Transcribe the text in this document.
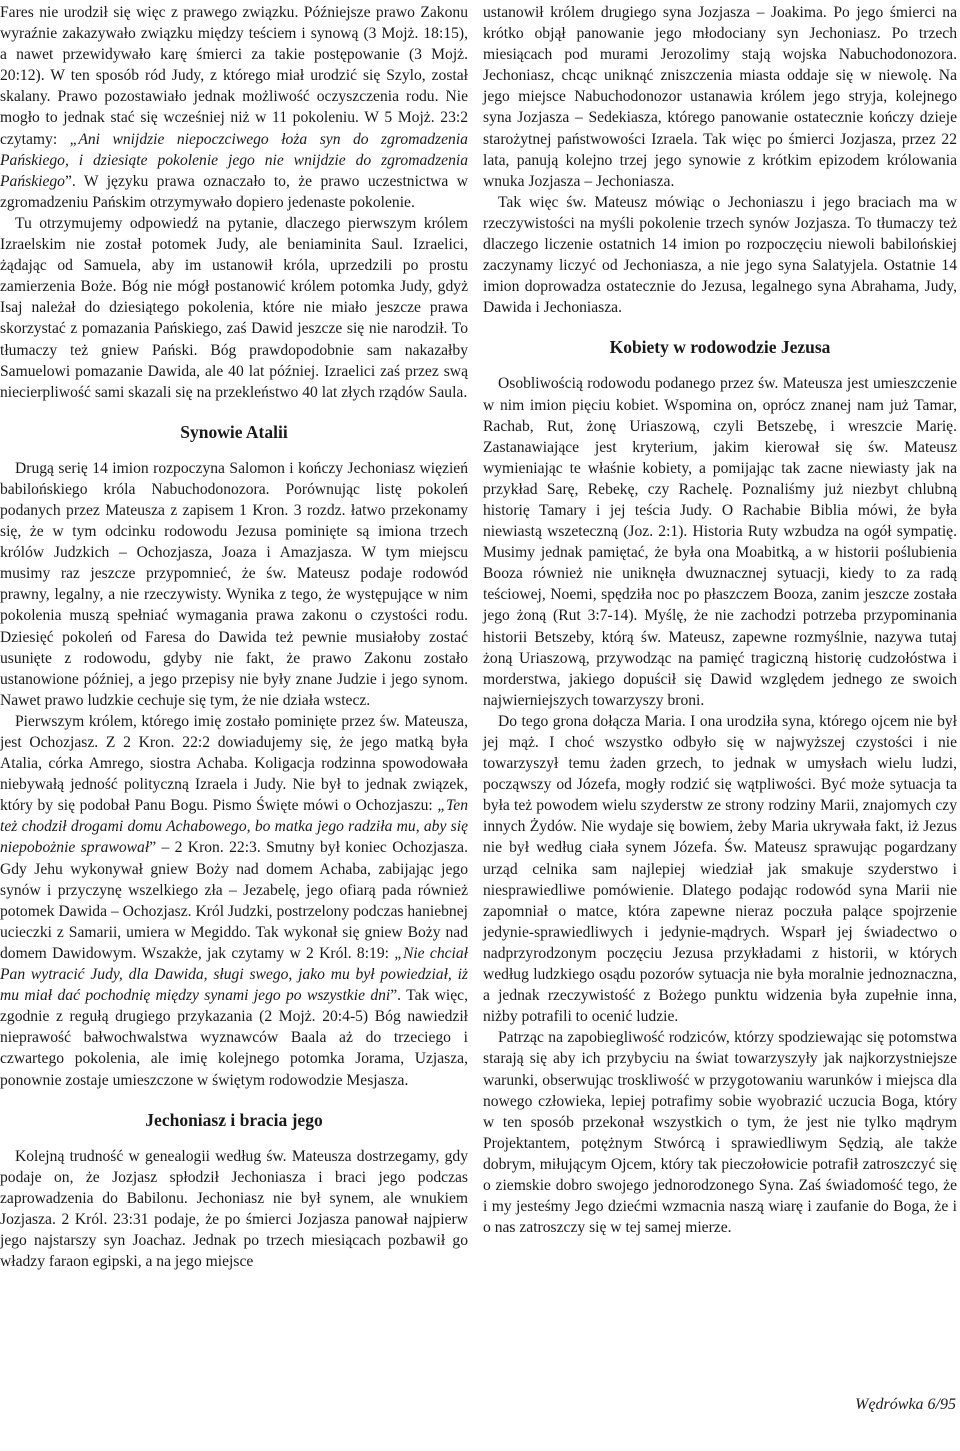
Fares nie urodził się więc z prawego związku. Późniejsze prawo Zakonu wyraźnie zakazywało związku między teściem i synową (3 Mojż. 18:15), a nawet przewidywało karę śmierci za takie postępowanie (3 Mojż. 20:12). W ten sposób ród Judy, z którego miał urodzić się Szylo, został skalany. Prawo pozostawiało jednak możliwość oczyszczenia rodu. Nie mogło to jednak stać się wcześniej niż w 11 pokoleniu. W 5 Mojż. 23:2 czytamy: „Ani wnijdzie niepoczciwego łoża syn do zgromadzenia Pańskiego, i dziesiąte pokolenie jego nie wnijdzie do zgromadzenia Pańskiego”. W języku prawa oznaczało to, że prawo uczestnictwa w zgromadzeniu Pańskim otrzymywało dopiero jedenaste pokolenie.

Tu otrzymujemy odpowiedź na pytanie, dlaczego pierwszym królem Izraelskim nie został potomek Judy, ale beniaminita Saul. Izraelici, żądając od Samuela, aby im ustanowił króla, uprzedzili po prostu zamierzenia Boże. Bóg nie mógł postanowić królem potomka Judy, gdyż Isaj należał do dziesiątego pokolenia, które nie miało jeszcze prawa skorzystać z pomazania Pańskiego, zaś Dawid jeszcze się nie narodził. To tłumaczy też gniew Pański. Bóg prawdopodobnie sam nakazałby Samuelowi pomazanie Dawida, ale 40 lat później. Izraelici zaś przez swą niecierpliwość sami skazali się na przekleństwo 40 lat złych rządów Saula.

Synowie Atalii

Drugą serię 14 imion rozpoczyna Salomon i kończy Jechoniasz więzień babilońskiego króla Nabuchodonozora. Porównując listę pokoleń podanych przez Mateusza z zapisem 1 Kron. 3 rozdz. łatwo przekonamy się, że w tym odcinku rodowodu Jezusa pominięte są imiona trzech królów Judzkich – Ochozjasza, Joaza i Amazjasza. W tym miejscu musimy raz jeszcze przypomnieć, że św. Mateusz podaje rodowód prawny, legalny, a nie rzeczywisty. Wynika z tego, że występujące w nim pokolenia muszą spełniać wymagania prawa zakonu o czystości rodu. Dziesięć pokoleń od Faresa do Dawida też pewnie musiałoby zostać usunięte z rodowodu, gdyby nie fakt, że prawo Zakonu zostało ustanowione później, a jego przepisy nie były znane Judzie i jego synom. Nawet prawo ludzkie cechuje się tym, że nie działa wstecz.

Pierwszym królem, którego imię zostało pominięte przez św. Mateusza, jest Ochozjasz. Z 2 Kron. 22:2 dowiadujemy się, że jego matką była Atalia, córka Amrego, siostra Achaba. Koligacja rodzinna spowodowała niebywałą jedność polityczną Izraela i Judy. Nie był to jednak związek, który by się podobał Panu Bogu. Pismo Święte mówi o Ochozjaszu: „Ten też chodził drogami domu Achabowego, bo matka jego radziła mu, aby się niepobożnie sprawował” – 2 Kron. 22:3. Smutny był koniec Ochozjasza. Gdy Jehu wykonywał gniew Boży nad domem Achaba, zabijając jego synów i przyczynę wszelkiego zła – Jezabelę, jego ofiarą pada również potomek Dawida – Ochozjasz. Król Judzki, postrzelony podczas haniebnej ucieczki z Samarii, umiera w Megiddo. Tak wykonał się gniew Boży nad domem Dawidowym. Wszakże, jak czytamy w 2 Król. 8:19: „Nie chciał Pan wytracić Judy, dla Dawida, sługi swego, jako mu był powiedział, iż mu miał dać pochodnię między synami jego po wszystkie dni”. Tak więc, zgodnie z regułą drugiego przykazania (2 Mojż. 20:4-5) Bóg nawiedził nieprawość bałwochwalstwa wyznawców Baala aż do trzeciego i czwartego pokolenia, ale imię kolejnego potomka Jorama, Uzjasza, ponownie zostaje umieszczone w świętym rodowodzie Mesjasza.

Jechoniasz i bracia jego

Kolejną trudność w genealogii według św. Mateusza dostrzegamy, gdy podaje on, że Jozjasz spłodził Jechoniasza i braci jego podczas zaprowadzenia do Babilonu. Jechoniasz nie był synem, ale wnukiem Jozjasza. 2 Król. 23:31 podaje, że po śmierci Jozjasza panował najpierw jego najstarszy syn Joachaz. Jednak po trzech miesiącach pozbawił go władzy faraon egipski, a na jego miejsce

ustanowił królem drugiego syna Jozjasza – Joakima. Po jego śmierci na krótko objął panowanie jego młodociany syn Jechoniasz. Po trzech miesiącach pod murami Jerozolimy stają wojska Nabuchodonozora. Jechoniasz, chcąc uniknąć zniszczenia miasta oddaje się w niewolę. Na jego miejsce Nabuchodonozor ustanawia królem jego stryja, kolejnego syna Jozjasza – Sedekiasza, którego panowanie ostatecznie kończy dzieje starożytnej państwowości Izraela. Tak więc po śmierci Jozjasza, przez 22 lata, panują kolejno trzej jego synowie z krótkim epizodem królowania wnuka Jozjasza – Jechoniasza.

Tak więc św. Mateusz mówiąc o Jechoniaszu i jego braciach ma w rzeczywistości na myśli pokolenie trzech synów Jozjasza. To tłumaczy też dlaczego liczenie ostatnich 14 imion po rozpoczęciu niewoli babilońskiej zaczynamy liczyć od Jechoniasza, a nie jego syna Salatyjela. Ostatnie 14 imion doprowadza ostatecznie do Jezusa, legalnego syna Abrahama, Judy, Dawida i Jechoniasza.

Kobiety w rodowodzie Jezusa

Osobliwością rodowodu podanego przez św. Mateusza jest umieszczenie w nim imion pięciu kobiet. Wspomina on, oprócz znanej nam już Tamar, Rachab, Rut, żonę Uriaszową, czyli Betszebę, i wreszcie Marię. Zastanawiające jest kryterium, jakim kierował się św. Mateusz wymieniając te właśnie kobiety, a pomijając tak zacne niewiasty jak na przykład Sarę, Rebekę, czy Rachelę. Poznaliśmy już niezbyt chlubną historię Tamary i jej teścia Judy. O Rachabie Biblia mówi, że była niewiastą wszeteczną (Joz. 2:1). Historia Ruty wzbudza na ogół sympatię. Musimy jednak pamiętać, że była ona Moabitką, a w historii poślubienia Booza również nie uniknęła dwuznacznej sytuacji, kiedy to za radą teściowej, Noemi, spędziła noc po płaszczem Booza, zanim jeszcze została jego żoną (Rut 3:7-14). Myślę, że nie zachodzi potrzeba przypominania historii Betszeby, którą św. Mateusz, zapewne rozmyślnie, nazywa tutaj żoną Uriaszową, przywodząc na pamięć tragiczną historię cudzołóstwa i morderstwa, jakiego dopuścił się Dawid względem jednego ze swoich najwierniejszych towarzyszy broni.

Do tego grona dołącza Maria. I ona urodziła syna, którego ojcem nie był jej mąż. I choć wszystko odbyło się w najwyższej czystości i nie towarzyszył temu żaden grzech, to jednak w umysłach wielu ludzi, począwszy od Józefa, mogły rodzić się wątpliwości. Być może sytuacja ta była też powodem wielu szyderstw ze strony rodziny Marii, znajomych czy innych Żydów. Nie wydaje się bowiem, żeby Maria ukrywała fakt, iż Jezus nie był według ciała synem Józefa. Św. Mateusz sprawując pogardzany urząd celnika sam najlepiej wiedział jak smakuje szyderstwo i niesprawiedliwe pomówienie. Dlatego podając rodowód syna Marii nie zapomniał o matce, która zapewne nieraz poczuła palące spojrzenie jedynie-sprawiedliwych i jedynie-mądrych. Wsparł jej świadectwo o nadprzyrodzonym poczęciu Jezusa przykładami z historii, w których według ludzkiego osądu pozorów sytuacja nie była moralnie jednoznaczna, a jednak rzeczywistość z Bożego punktu widzenia była zupełnie inna, niżby potrafili to ocenić ludzie.

Patrząc na zapobiegliwość rodziców, którzy spodziewając się potomstwa starają się aby ich przybyciu na świat towarzyszyły jak najkorzystniejsze warunki, obserwując troskliwość w przygotowaniu warunków i miejsca dla nowego człowieka, lepiej potrafimy sobie wyobrazić uczucia Boga, który w ten sposób przekonał wszystkich o tym, że jest nie tylko mądrym Projektantem, potężnym Stwórcą i sprawiedliwym Sędzią, ale także dobrym, miłującym Ojcem, który tak pieczołowicie potrafił zatroszczyć się o ziemskie dobro swojego jednorodzonego Syna. Zaś świadomość tego, że i my jesteśmy Jego dziećmi wzmacnia naszą wiarę i zaufanie do Boga, że i o nas zatroszczy się w tej samej mierze.

Wędrówka 6/95
